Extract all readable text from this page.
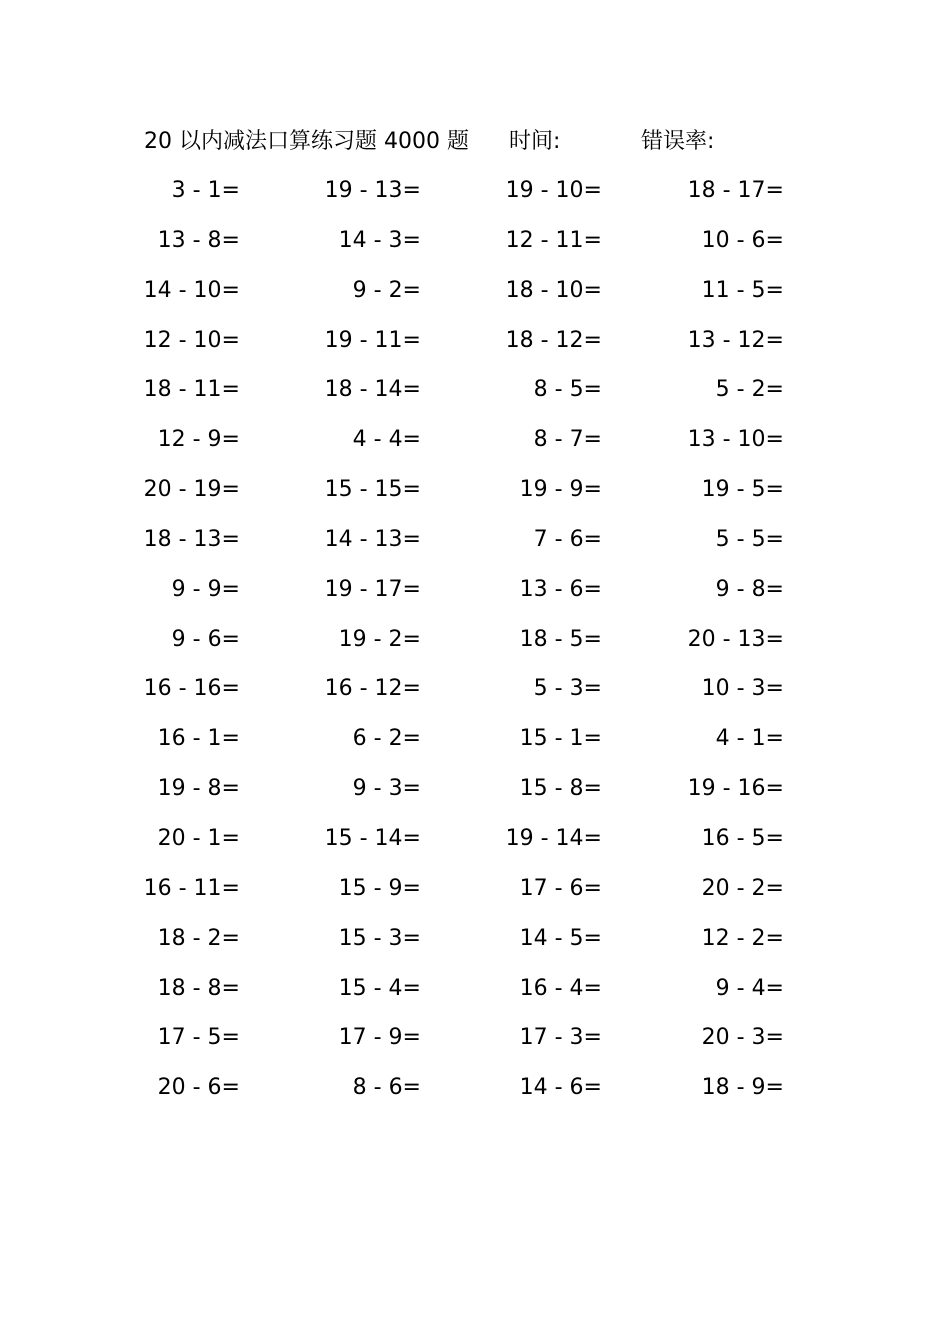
20 以内减法口算练习题 4000 题 时间:	错误率:
3 - 1=	19 - 13=	19 - 10=	18 - 17=
13 - 8=	14 - 3=	12 - 11=	10 - 6=
14 - 10=	9 - 2=	18 - 10=	11 - 5=
12 - 10=	19 - 11=	18 - 12=	13 - 12=
18 - 11=	18 - 14=	8 - 5=	5 - 2=
12 - 9=	4 - 4=	8 - 7=	13 - 10=
20 - 19=	15 - 15=	19 - 9=	19 - 5=
18 - 13=	14 - 13=	7 - 6=	5 - 5=
9 - 9=	19 - 17=	13 - 6=	9 - 8=
9 - 6=	19 - 2=	18 - 5=	20 - 13=
16 - 16=	16 - 12=	5 - 3=	10 - 3=
16 - 1=	6 - 2=	15 - 1=	4 - 1=
19 - 8=	9 - 3=	15 - 8=	19 - 16=
20 - 1=	15 - 14=	19 - 14=	16 - 5=
16 - 11=	15 - 9=	17 - 6=	20 - 2=
18 - 2=	15 - 3=	14 - 5=	12 - 2=
18 - 8=	15 - 4=	16 - 4=	9 - 4=
17 - 5=	17 - 9=	17 - 3=	20 - 3=
20 - 6=	8 - 6=	14 - 6=	18 - 9=
